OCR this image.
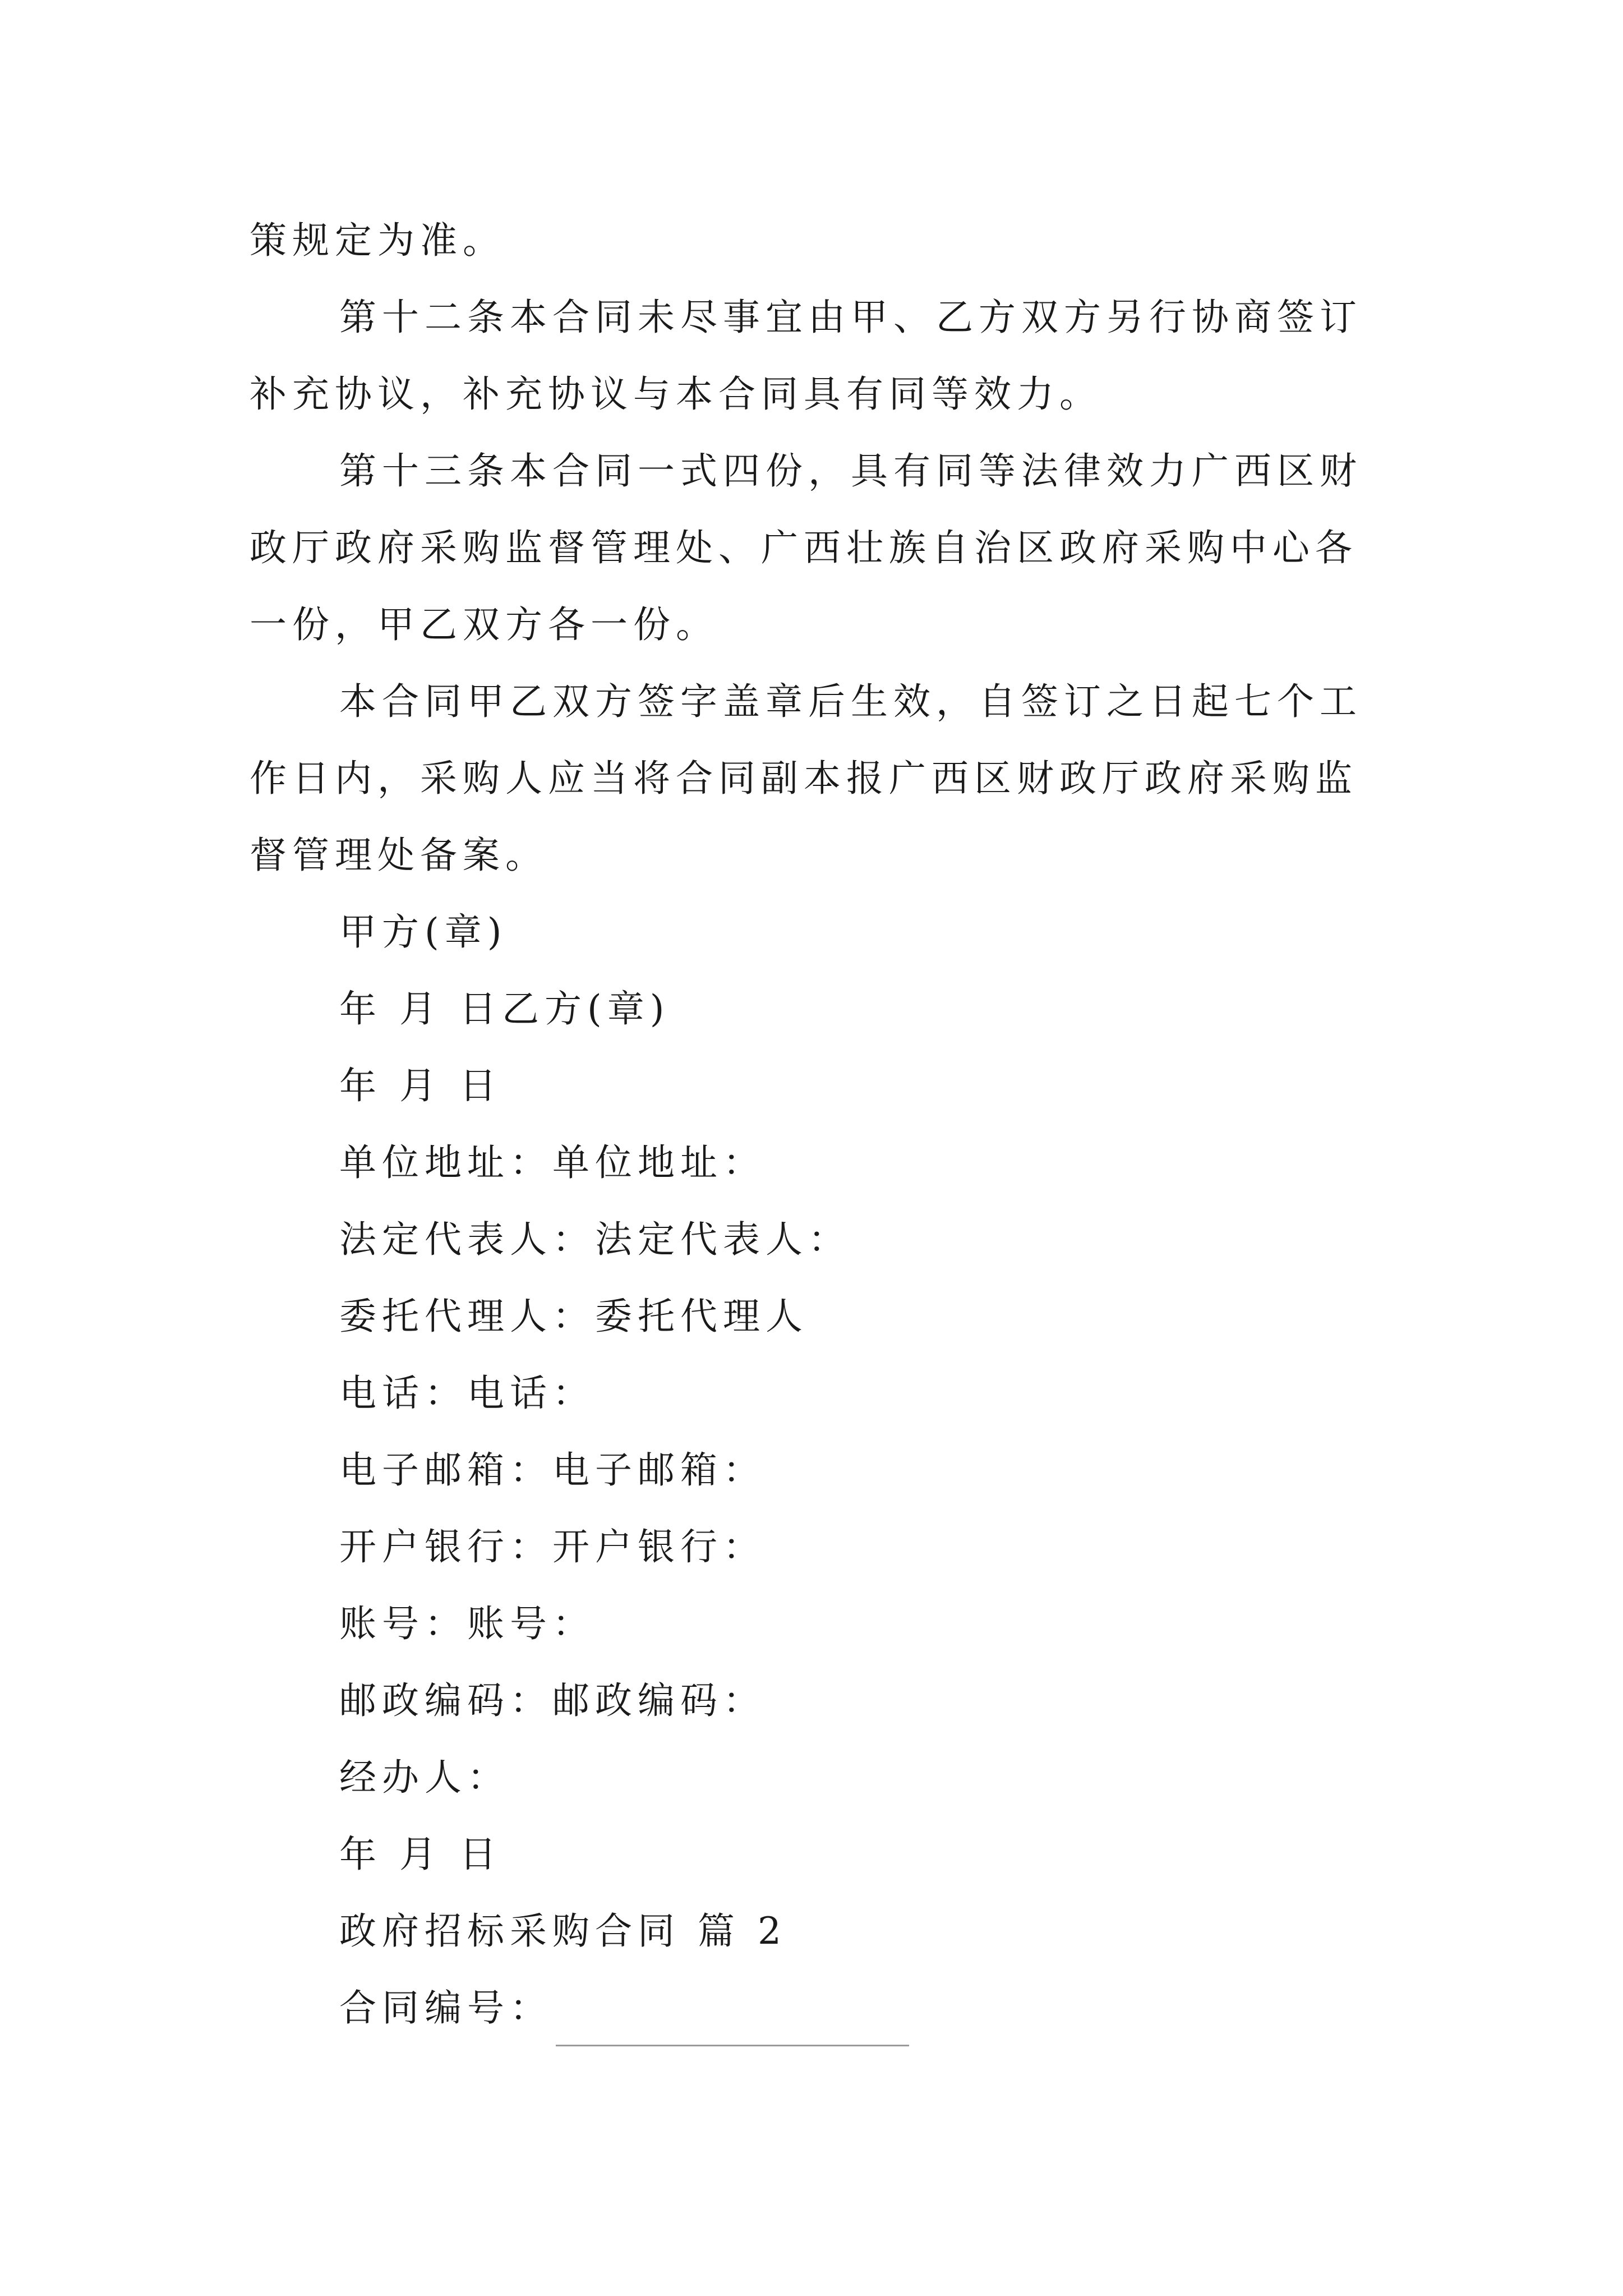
策规定为准。
第十二条本合同未尽事宜由甲、乙方双方另行协商签订
补充协议，补充协议与本合同具有同等效力。
第十三条本合同一式四份，具有同等法律效力广西区财
政厅政府采购监督管理处、广西壮族自治区政府采购中心各
一份，甲乙双方各一份。
本合同甲乙双方签字盖章后生效，自签订之日起七个工
作日内，采购人应当将合同副本报广西区财政厅政府采购监
督管理处备案。
甲方(章)
年 月 日乙方(章)
年 月 日
单位地址：单位地址：
法定代表人：法定代表人：
委托代理人：委托代理人
电话：电话：
电子邮箱：电子邮箱：
开户银行：开户银行：
账号：账号：
邮政编码：邮政编码：
经办人：
年 月 日
政府招标采购合同 篇 2
合同编号：
